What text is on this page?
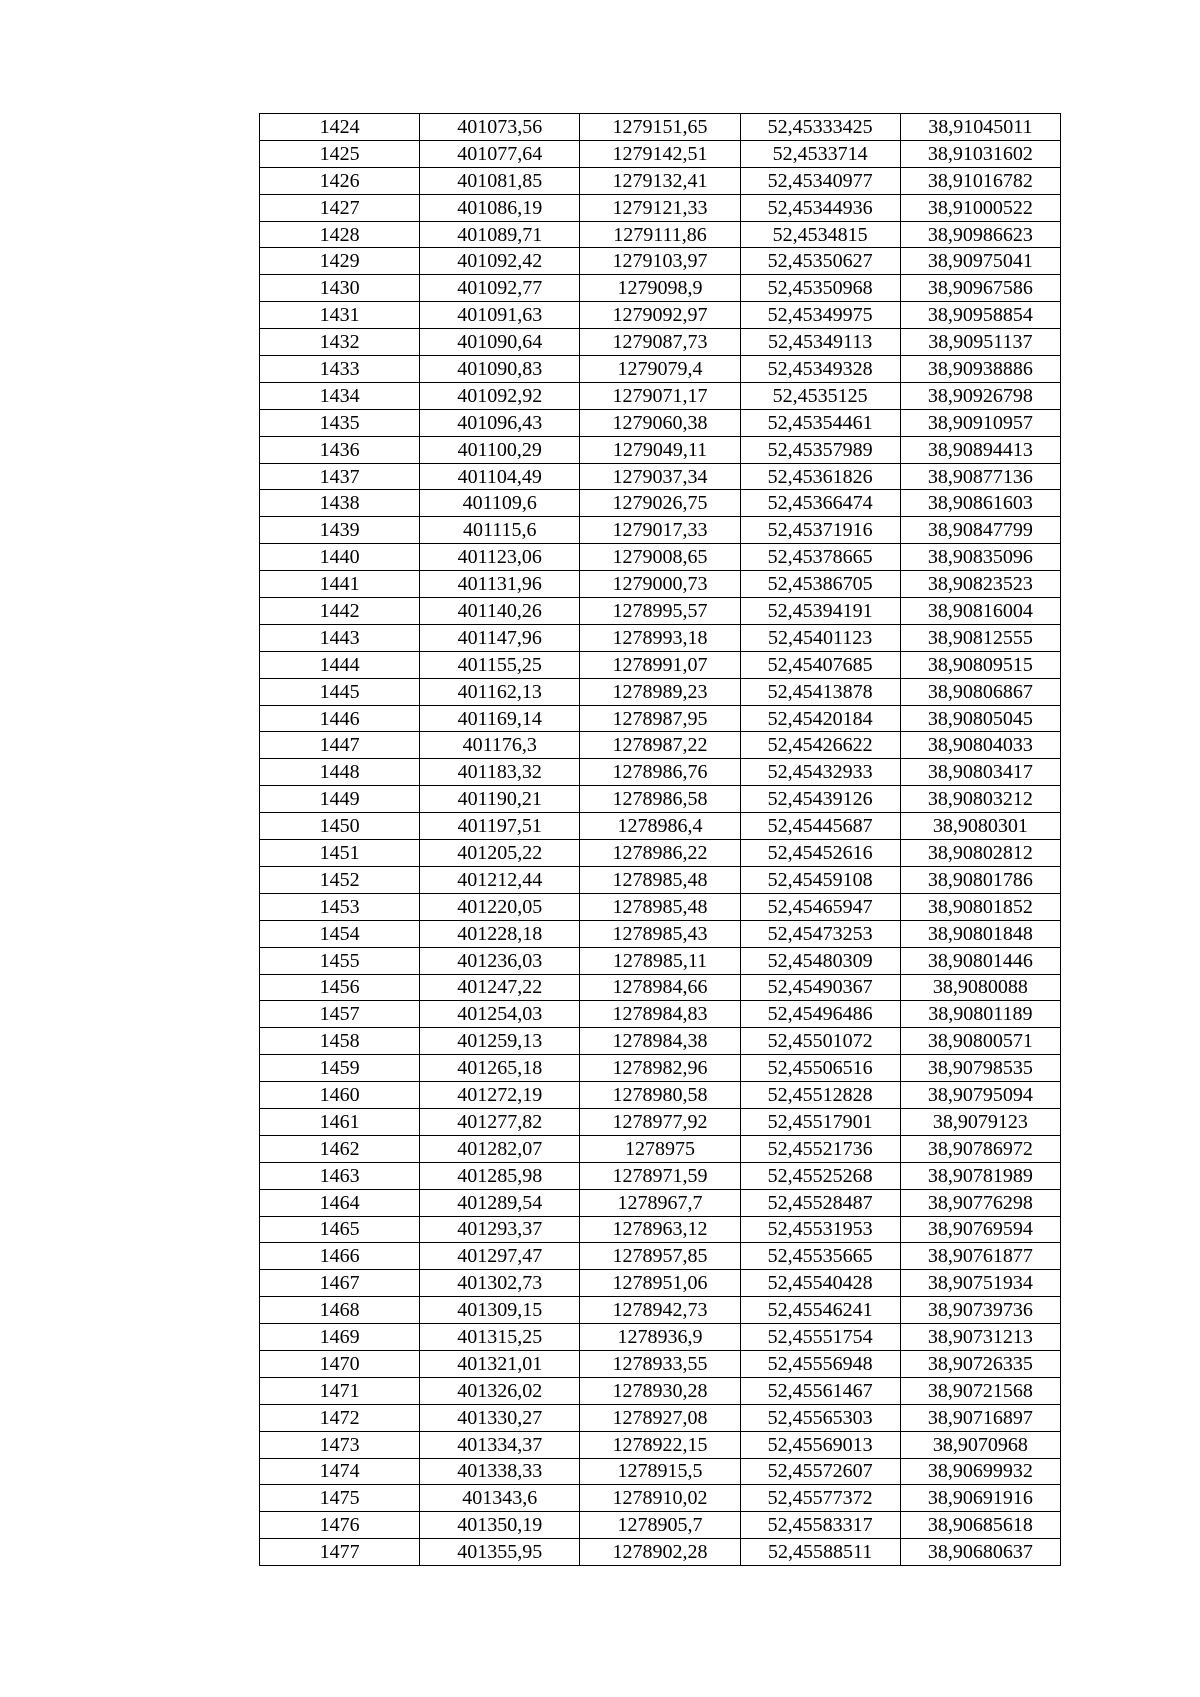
1424	401073,56	1279151,65	52,45333425	38,91045011
1425	401077,64	1279142,51	52,4533714	38,91031602
1426	401081,85	1279132,41	52,45340977	38,91016782
1427	401086,19	1279121,33	52,45344936	38,91000522
1428	401089,71	1279111,86	52,4534815	38,90986623
1429	401092,42	1279103,97	52,45350627	38,90975041
1430	401092,77	1279098,9	52,45350968	38,90967586
1431	401091,63	1279092,97	52,45349975	38,90958854
1432	401090,64	1279087,73	52,45349113	38,90951137
1433	401090,83	1279079,4	52,45349328	38,90938886
1434	401092,92	1279071,17	52,4535125	38,90926798
1435	401096,43	1279060,38	52,45354461	38,90910957
1436	401100,29	1279049,11	52,45357989	38,90894413
1437	401104,49	1279037,34	52,45361826	38,90877136
1438	401109,6	1279026,75	52,45366474	38,90861603
1439	401115,6	1279017,33	52,45371916	38,90847799
1440	401123,06	1279008,65	52,45378665	38,90835096
1441	401131,96	1279000,73	52,45386705	38,90823523
1442	401140,26	1278995,57	52,45394191	38,90816004
1443	401147,96	1278993,18	52,45401123	38,90812555
1444	401155,25	1278991,07	52,45407685	38,90809515
1445	401162,13	1278989,23	52,45413878	38,90806867
1446	401169,14	1278987,95	52,45420184	38,90805045
1447	401176,3	1278987,22	52,45426622	38,90804033
1448	401183,32	1278986,76	52,45432933	38,90803417
1449	401190,21	1278986,58	52,45439126	38,90803212
1450	401197,51	1278986,4	52,45445687	38,9080301
1451	401205,22	1278986,22	52,45452616	38,90802812
1452	401212,44	1278985,48	52,45459108	38,90801786
1453	401220,05	1278985,48	52,45465947	38,90801852
1454	401228,18	1278985,43	52,45473253	38,90801848
1455	401236,03	1278985,11	52,45480309	38,90801446
1456	401247,22	1278984,66	52,45490367	38,9080088
1457	401254,03	1278984,83	52,45496486	38,90801189
1458	401259,13	1278984,38	52,45501072	38,90800571
1459	401265,18	1278982,96	52,45506516	38,90798535
1460	401272,19	1278980,58	52,45512828	38,90795094
1461	401277,82	1278977,92	52,45517901	38,9079123
1462	401282,07	1278975	52,45521736	38,90786972
1463	401285,98	1278971,59	52,45525268	38,90781989
1464	401289,54	1278967,7	52,45528487	38,90776298
1465	401293,37	1278963,12	52,45531953	38,90769594
1466	401297,47	1278957,85	52,45535665	38,90761877
1467	401302,73	1278951,06	52,45540428	38,90751934
1468	401309,15	1278942,73	52,45546241	38,90739736
1469	401315,25	1278936,9	52,45551754	38,90731213
1470	401321,01	1278933,55	52,45556948	38,90726335
1471	401326,02	1278930,28	52,45561467	38,90721568
1472	401330,27	1278927,08	52,45565303	38,90716897
1473	401334,37	1278922,15	52,45569013	38,9070968
1474	401338,33	1278915,5	52,45572607	38,90699932
1475	401343,6	1278910,02	52,45577372	38,90691916
1476	401350,19	1278905,7	52,45583317	38,90685618
1477	401355,95	1278902,28	52,45588511	38,90680637
